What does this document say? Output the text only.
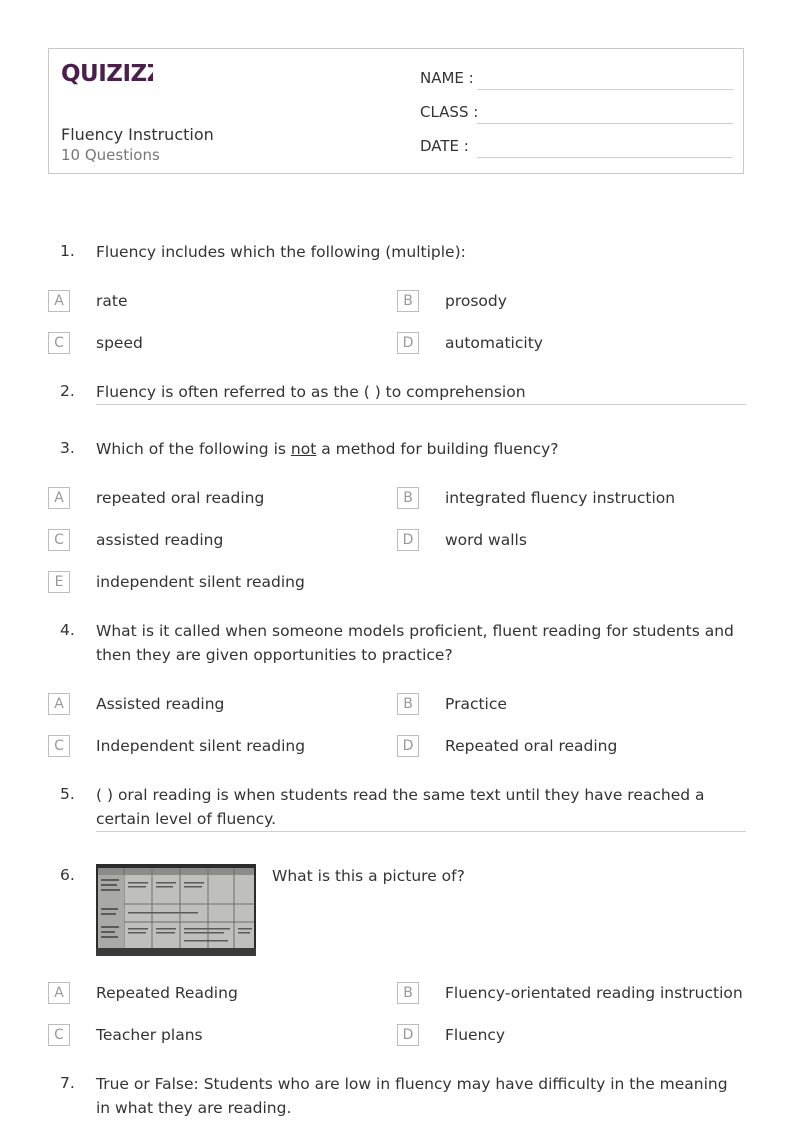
QUIZIZZ
Fluency Instruction
10 Questions
NAME :
CLASS :
DATE :
1. Fluency includes which the following (multiple):
A	rate	B	prosody
C	speed	D	automaticity
2. Fluency is often referred to as the ( ) to comprehension
3. Which of the following is not a method for building fluency?
A	repeated oral reading	B	integrated fluency instruction
C	assisted reading	D	word walls
E	independent silent reading
4. What is it called when someone models proficient, fluent reading for students and then they are given opportunities to practice?
A	Assisted reading	B	Practice
C	Independent silent reading	D	Repeated oral reading
5. ( ) oral reading is when students read the same text until they have reached a certain level of fluency.
6.	What is this a picture of?
A	Repeated Reading	B	Fluency-orientated reading instruction
C	Teacher plans	D	Fluency
7. True or False: Students who are low in fluency may have difficulty in the meaning in what they are reading.
